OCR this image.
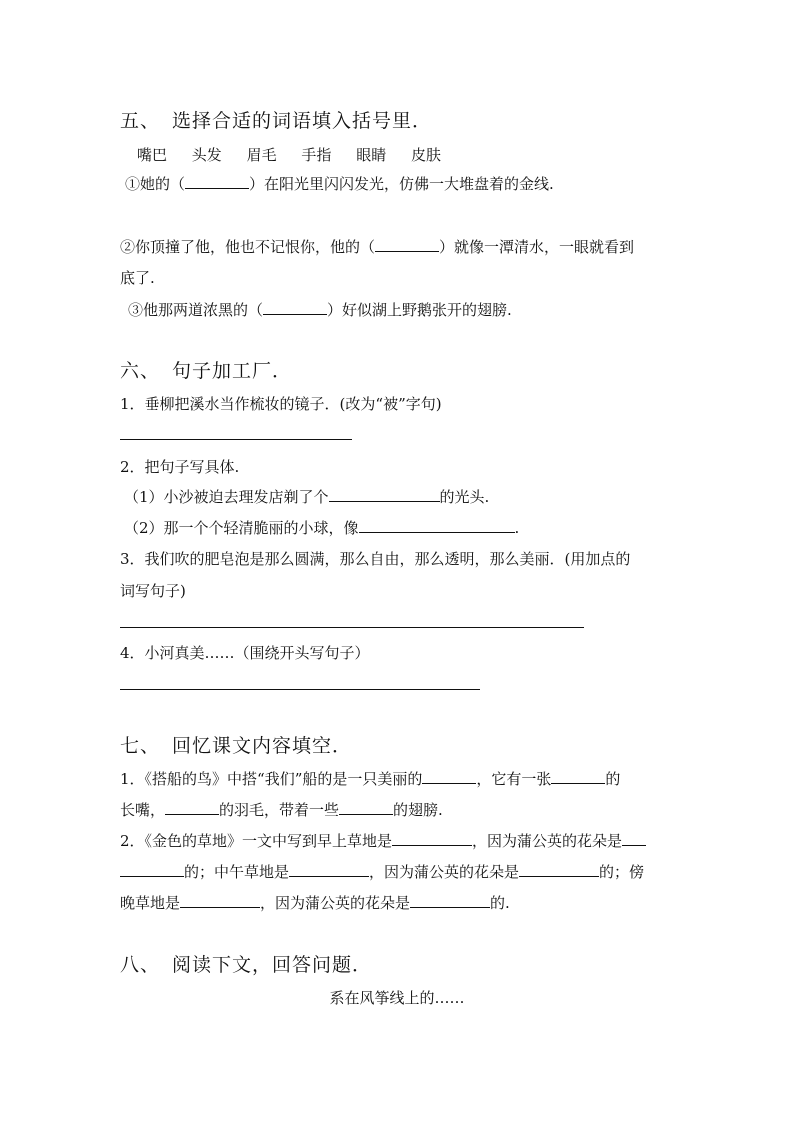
五、 选择合适的词语填入括号里．
嘴巴 头发 眉毛 手指 眼睛 皮肤
①她的（	）在阳光里闪闪发光，仿佛一大堆盘着的金线.
②你顶撞了他，他也不记恨你，他的（	）就像一潭清水，一眼就看到
底了.
③他那两道浓黑的（	）好似湖上野鹅张开的翅膀.
六、 句子加工厂．
1．垂柳把溪水当作梳妆的镜子．(改为“被”字句)
2．把句子写具体.
（1）小沙被迫去理发店剃了个	的光头.
（2）那一个个轻清脆丽的小球，像	.
3．我们吹的肥皂泡是那么圆满，那么自由，那么透明，那么美丽．(用加点的
词写句子)
4．小河真美……（围绕开头写句子）
七、 回忆课文内容填空．
1．《搭船的鸟》中搭“我们”船的是一只美丽的	，它有一张	的
长嘴，	的羽毛，带着一些	的翅膀.
2．《金色的草地》一文中写到早上草地是	，因为蒲公英的花朵是
的；中午草地是	，因为蒲公英的花朵是	的；傍
晚草地是	，因为蒲公英的花朵是	的.
八、 阅读下文，回答问题．
系在风筝线上的……
